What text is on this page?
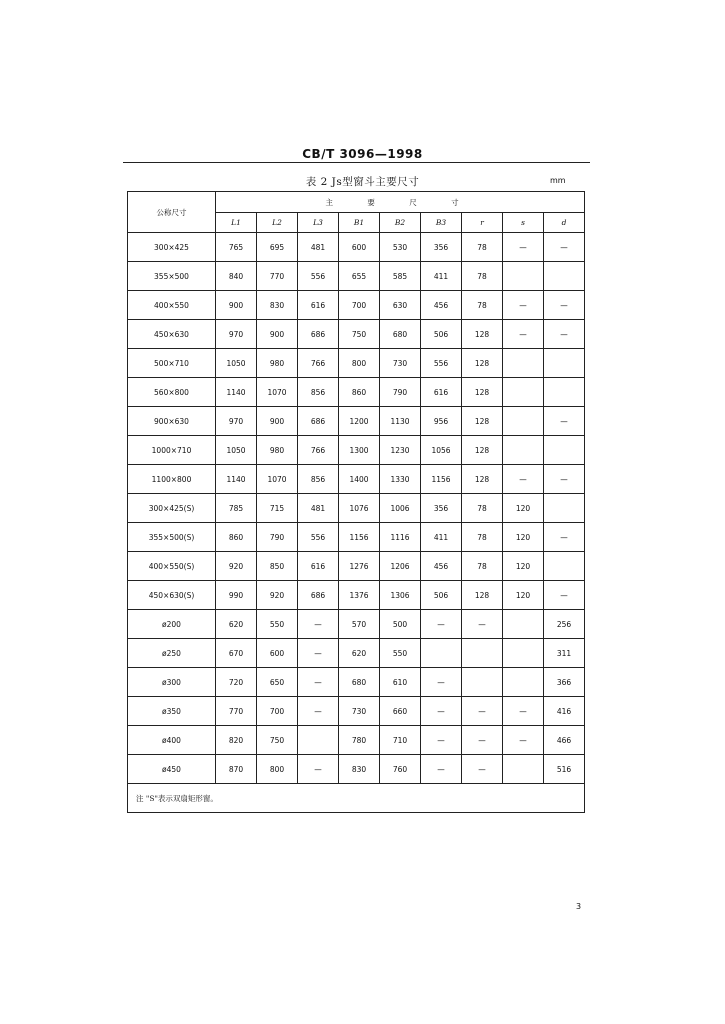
CB/T 3096—1998
表 2 Js型窗斗主要尺寸	mm
公称尺寸	主 要 尺 寸								
	L1	L2	L3	B1	B2	B3	r	s	d
300×425	765	695	481	600	530	356	78	—	—
355×500	840	770	556	655	585	411	78		
400×550	900	830	616	700	630	456	78	—	—
450×630	970	900	686	750	680	506	128	—	—
500×710	1050	980	766	800	730	556	128		
560×800	1140	1070	856	860	790	616	128		
900×630	970	900	686	1200	1130	956	128		—
1000×710	1050	980	766	1300	1230	1056	128		
1100×800	1140	1070	856	1400	1330	1156	128	—	—
300×425(S)	785	715	481	1076	1006	356	78	120	
355×500(S)	860	790	556	1156	1116	411	78	120	—
400×550(S)	920	850	616	1276	1206	456	78	120	
450×630(S)	990	920	686	1376	1306	506	128	120	—
ø200	620	550	—	570	500	—	—		256
ø250	670	600	—	620	550				311
ø300	720	650	—	680	610	—			366
ø350	770	700	—	730	660	—	—	—	416
ø400	820	750		780	710	—	—	—	466
ø450	870	800	—	830	760	—	—		516
注 "S"表示双扇矩形窗。									
3
